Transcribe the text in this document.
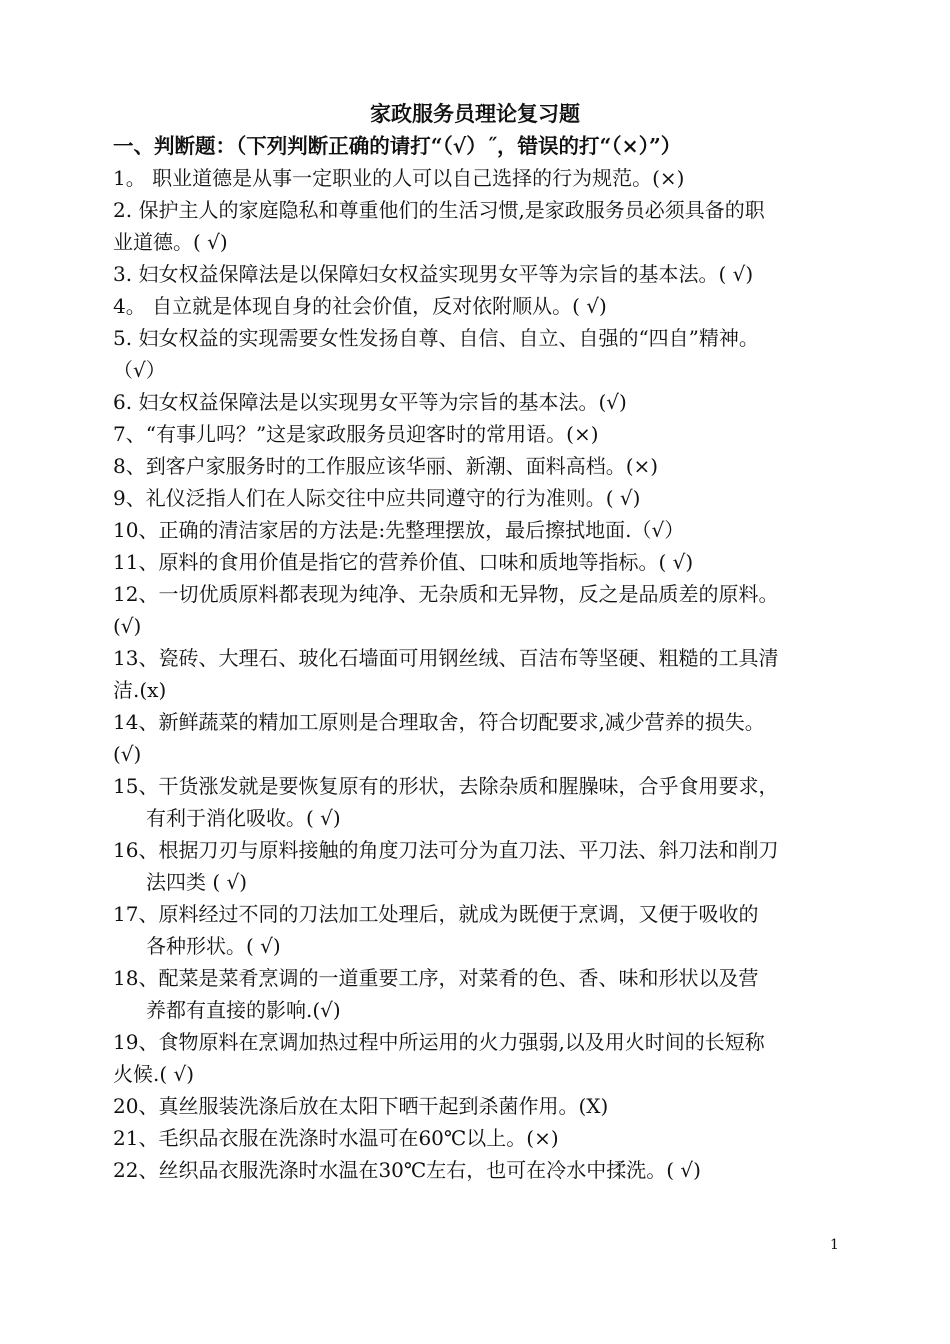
家政服务员理论复习题
一、判断题：（下列判断正确的请打“（√）˝，错误的打“（×）”）
1。 职业道德是从事一定职业的人可以自己选择的行为规范。(×)
2. 保护主人的家庭隐私和尊重他们的生活习惯,是家政服务员必须具备的职
业道德。( √)
3. 妇女权益保障法是以保障妇女权益实现男女平等为宗旨的基本法。( √)
4。 自立就是体现自身的社会价值，反对依附顺从。( √)
5. 妇女权益的实现需要女性发扬自尊、自信、自立、自强的“四自”精神。
（√）
6. 妇女权益保障法是以实现男女平等为宗旨的基本法。(√)
7、“有事儿吗？”这是家政服务员迎客时的常用语。(×)
8、到客户家服务时的工作服应该华丽、新潮、面料高档。(×)
9、礼仪泛指人们在人际交往中应共同遵守的行为准则。( √)
10、正确的清洁家居的方法是:先整理摆放，最后擦拭地面.（√）
11、原料的食用价值是指它的营养价值、口味和质地等指标。( √)
12、一切优质原料都表现为纯净、无杂质和无异物，反之是品质差的原料。
(√)
13、瓷砖、大理石、玻化石墙面可用钢丝绒、百洁布等坚硬、粗糙的工具清
洁.(x)
14、新鲜蔬菜的精加工原则是合理取舍，符合切配要求,减少营养的损失。
(√)
15、干货涨发就是要恢复原有的形状，去除杂质和腥臊味，合乎食用要求，
有利于消化吸收。( √)
16、根据刀刃与原料接触的角度刀法可分为直刀法、平刀法、斜刀法和削刀
法四类 ( √)
17、原料经过不同的刀法加工处理后，就成为既便于烹调，又便于吸收的
各种形状。( √)
18、配菜是菜肴烹调的一道重要工序，对菜肴的色、香、味和形状以及营
养都有直接的影响.(√)
19、食物原料在烹调加热过程中所运用的火力强弱,以及用火时间的长短称
火候.( √)
20、真丝服装洗涤后放在太阳下晒干起到杀菌作用。(X)
21、毛织品衣服在洗涤时水温可在60℃以上。(×)
22、丝织品衣服洗涤时水温在30℃左右，也可在冷水中揉洗。( √)
1
